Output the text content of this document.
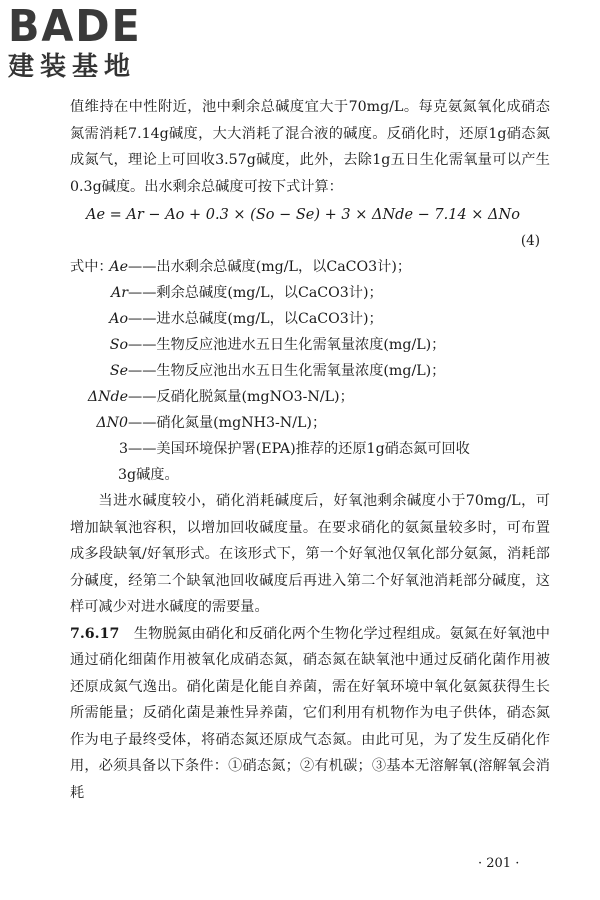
BADE
建装基地

值维持在中性附近，池中剩余总碱度宜大于70mg/L。每克氨氮氧化成硝态氮需消耗7.14g碱度，大大消耗了混合液的碱度。反硝化时，还原1g硝态氮成氮气，理论上可回收3.57g碱度，此外，去除1g五日生化需氧量可以产生0.3g碱度。出水剩余总碱度可按下式计算：

Ae = Ar − Ao + 0.3 × (So − Se) + 3 × ΔNde − 7.14 × ΔNo
(4)
式中：
Ae ——出水剩余总碱度(mg/L，以CaCO3计)；
Ar ——剩余总碱度(mg/L，以CaCO3计)；
Ao ——进水总碱度(mg/L，以CaCO3计)；
So ——生物反应池进水五日生化需氧量浓度(mg/L)；
Se ——生物反应池出水五日生化需氧量浓度(mg/L)；
ΔNde ——反硝化脱氮量(mgNO3-N/L)；
ΔN0 ——硝化氮量(mgNH3-N/L)；
3 ——美国环境保护署(EPA)推荐的还原1g硝态氮可回收
3g碱度。

当进水碱度较小，硝化消耗碱度后，好氧池剩余碱度小于70mg/L，可增加缺氧池容积，以增加回收碱度量。在要求硝化的氨氮量较多时，可布置成多段缺氧/好氧形式。在该形式下，第一个好氧池仅氧化部分氨氮，消耗部分碱度，经第二个缺氧池回收碱度后再进入第二个好氧池消耗部分碱度，这样可减少对进水碱度的需要量。

7.6.17　 生物脱氮由硝化和反硝化两个生物化学过程组成。氨氮在好氧池中通过硝化细菌作用被氧化成硝态氮，硝态氮在缺氧池中通过反硝化菌作用被还原成氮气逸出。硝化菌是化能自养菌，需在好氧环境中氧化氨氮获得生长所需能量；反硝化菌是兼性异养菌，它们利用有机物作为电子供体，硝态氮作为电子最终受体，将硝态氮还原成气态氮。由此可见，为了发生反硝化作用，必须具备以下条件：①硝态氮；②有机碳；③基本无溶解氧(溶解氧会消耗

· 201 ·
